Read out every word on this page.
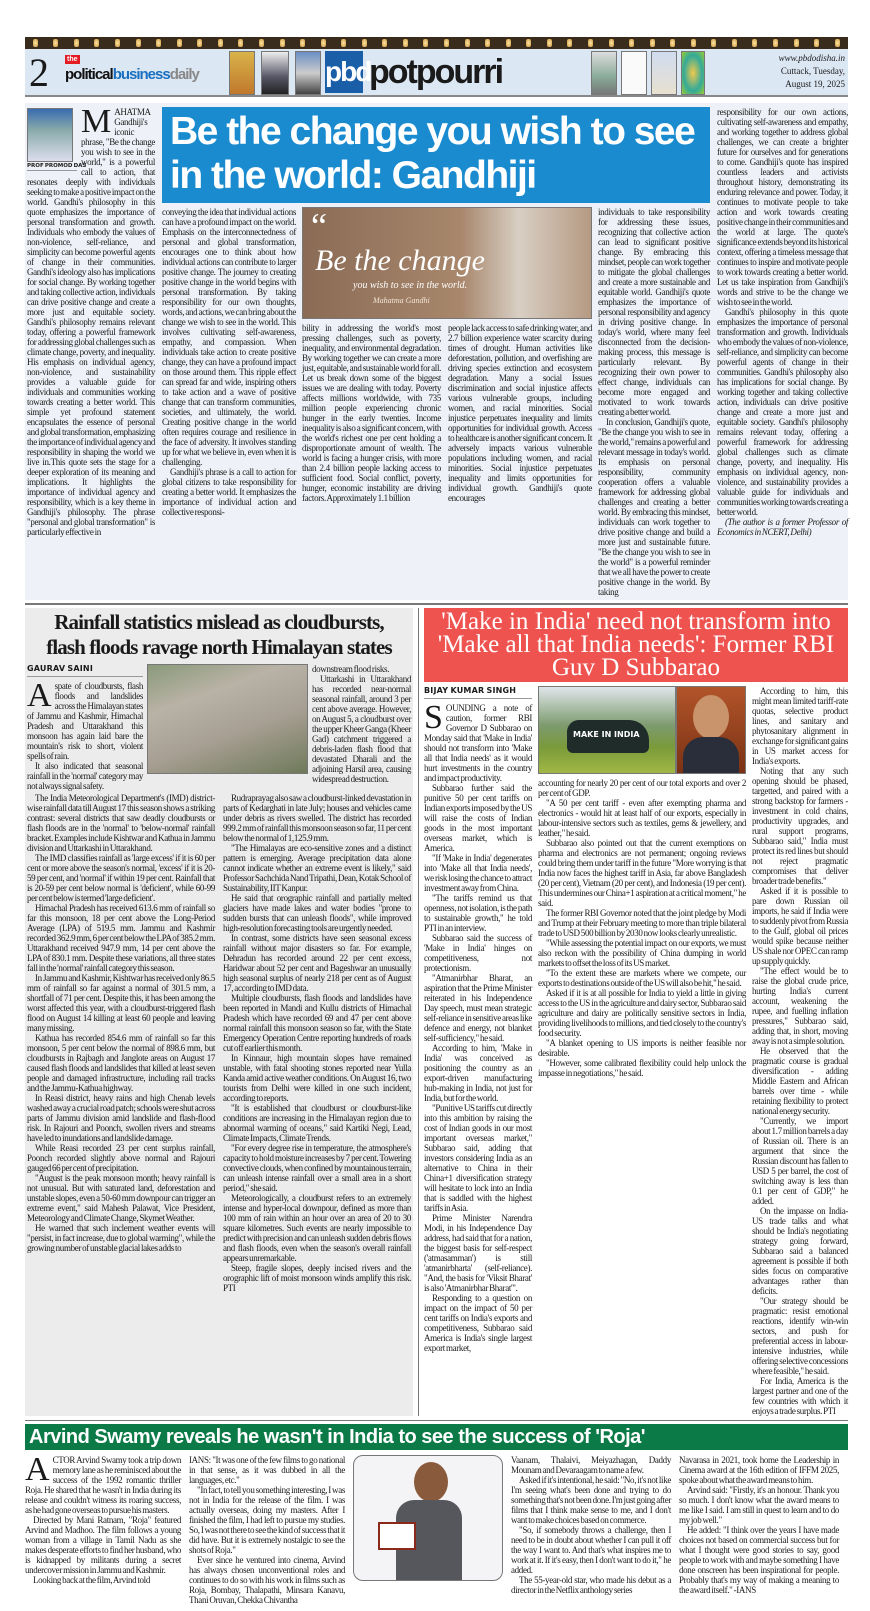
2	the
politicalbusinessdaily	pbd
potpourri	www.pbdodisha.in
Cuttack, Tuesday,
August 19, 2025
PROF PROMOD DAS

MAHATMA Gandhiji's iconic phrase, "Be the change you wish to see in the world," is a powerful call to action, that resonates deeply with individuals seeking to make a positive impact on the world. Gandhi's philosophy in this quote emphasizes the importance of personal transformation and growth. Individuals who embody the values of non-violence, self-reliance, and simplicity can become powerful agents of change in their communities. Gandhi's ideology also has implications for social change. By working together and taking collective action, individuals can drive positive change and create a more just and equitable society. Gandhi's philosophy remains relevant today, offering a powerful framework for addressing global challenges such as climate change, poverty, and inequality. His emphasis on individual agency, non-violence, and sustainability provides a valuable guide for individuals and communities working towards creating a better world. This simple yet profound statement encapsulates the essence of personal and global transformation, emphasizing the importance of individual agency and responsibility in shaping the world we live in.This quote sets the stage for a deeper exploration of its meaning and implications. It highlights the importance of individual agency and responsibility, which is a key theme in Gandhiji's philosophy. The phrase "personal and global transformation" is particularly effective in

Be the change you wish to see in the world: Gandhiji

conveying the idea that individual actions can have a profound impact on the world. Emphasis on the interconnectedness of personal and global transformation, encourages one to think about how individual actions can contribute to larger positive change. The journey to creating positive change in the world begins with personal transformation. By taking responsibility for our own thoughts, words, and actions, we can bring about the change we wish to see in the world. This involves cultivating self-awareness, empathy, and compassion. When individuals take action to create positive change, they can have a profound impact on those around them. This ripple effect can spread far and wide, inspiring others to take action and a wave of positive change that can transform communities, societies, and ultimately, the world. Creating positive change in the world often requires courage and resilience in the face of adversity. It involves standing up for what we believe in, even when it is challenging.

Gandhiji's phrase is a call to action for global citizens to take responsibility for creating a better world. It emphasizes the importance of individual action and collective responsi-

“
Be the change
you wish to see in the world.
Mahatma Gandhi

bility in addressing the world's most pressing challenges, such as poverty, inequality, and environmental degradation. By working together we can create a more just, equitable, and sustainable world for all. Let us break down some of the biggest issues we are dealing with today. Poverty affects millions worldwide, with 735 million people experiencing chronic hunger in the early twenties. Income inequality is also a significant concern, with the world's richest one per cent holding a disproportionate amount of wealth. The world is facing a hunger crisis, with more than 2.4 billion people lacking access to sufficient food. Social conflict, poverty, hunger, economic instability are driving factors. Approximately 1.1 billion

people lack access to safe drinking water, and 2.7 billion experience water scarcity during times of drought. Human activities like deforestation, pollution, and overfishing are driving species extinction and ecosystem degradation. Many a social Issues discrimination and social injustice affects various vulnerable groups, including women, and racial minorities. Social injustice perpetuates inequality and limits opportunities for individual growth. Access to healthcare is another significant concern. It adversely impacts various vulnerable populations including women, and racial minorities. Social injustice perpetuates inequality and limits opportunities for individual growth. Gandhiji's quote encourages

individuals to take responsibility for addressing these issues, recognizing that collective action can lead to significant positive change. By embracing this mindset, people can work together to mitigate the global challenges and create a more sustainable and equitable world. Gandhiji's quote emphasizes the importance of personal responsibility and agency in driving positive change. In today's world, where many feel disconnected from the decision-making process, this message is particularly relevant. By recognizing their own power to effect change, individuals can become more engaged and motivated to work towards creating a better world.

In conclusion, Gandhiji's quote, "Be the change you wish to see in the world," remains a powerful and relevant message in today's world. Its emphasis on personal responsibility, community cooperation offers a valuable framework for addressing global challenges and creating a better world. By embracing this mindset, individuals can work together to drive positive change and build a more just and sustainable future. "Be the change you wish to see in the world" is a powerful reminder that we all have the power to create positive change in the world. By taking

responsibility for our own actions, cultivating self-awareness and empathy, and working together to address global challenges, we can create a brighter future for ourselves and for generations to come. Gandhiji's quote has inspired countless leaders and activists throughout history, demonstrating its enduring relevance and power. Today, it continues to motivate people to take action and work towards creating positive change in their communities and the world at large. The quote's significance extends beyond its historical context, offering a timeless message that continues to inspire and motivate people to work towards creating a better world. Let us take inspiration from Gandhiji's words and strive to be the change we wish to see in the world.

Gandhi's philosophy in this quote emphasizes the importance of personal transformation and growth. Individuals who embody the values of non-violence, self-reliance, and simplicity can become powerful agents of change in their communities. Gandhi's philosophy also has implications for social change. By working together and taking collective action, individuals can drive positive change and create a more just and equitable society. Gandhi's philosophy remains relevant today, offering a powerful framework for addressing global challenges such as climate change, poverty, and inequality. His emphasis on individual agency, non-violence, and sustainability provides a valuable guide for individuals and communities working towards creating a better world.

(The author is a former Professor of Economics in NCERT, Delhi)

Rainfall statistics mislead as cloudbursts,
flash floods ravage north Himalayan states
GAURAV SAINI

Aspate of cloudbursts, flash floods and landslides across the Himalayan states of Jammu and Kashmir, Himachal Pradesh and Uttarakhand this monsoon has again laid bare the mountain's risk to short, violent spells of rain.

It also indicated that seasonal rainfall in the 'normal' category may not always signal safety.

downstream flood risks.

Uttarkashi in Uttarakhand has recorded near-normal seasonal rainfall, around 3 per cent above average. However, on August 5, a cloudburst over the upper Kheer Ganga (Kheer Gad) catchment triggered a debris-laden flash flood that devastated Dharali and the adjoining Harsil area, causing widespread destruction.

The India Meteorological Department's (IMD) district-wise rainfall data till August 17 this season shows a striking contrast: several districts that saw deadly cloudbursts or flash floods are in the 'normal' to 'below-normal' rainfall bracket. Examples include Kishtwar and Kathua in Jammu division and Uttarkashi in Uttarakhand.

The IMD classifies rainfall as 'large excess' if it is 60 per cent or more above the season's normal, 'excess' if it is 20-59 per cent, and 'normal' if within 19 per cent. Rainfall that is 20-59 per cent below normal is 'deficient', while 60-99 per cent below is termed 'large deficient'.

Himachal Pradesh has received 613.6 mm of rainfall so far this monsoon, 18 per cent above the Long-Period Average (LPA) of 519.5 mm. Jammu and Kashmir recorded 362.9 mm, 6 per cent below the LPA of 385.2 mm. Uttarakhand received 947.9 mm, 14 per cent above the LPA of 830.1 mm. Despite these variations, all three states fall in the 'normal' rainfall category this season.

In Jammu and Kashmir, Kishtwar has received only 86.5 mm of rainfall so far against a normal of 301.5 mm, a shortfall of 71 per cent. Despite this, it has been among the worst affected this year, with a cloudburst-triggered flash flood on August 14 killing at least 60 people and leaving many missing.

Kathua has recorded 854.6 mm of rainfall so far this monsoon, 5 per cent below the normal of 898.6 mm, but cloudbursts in Rajbagh and Janglote areas on August 17 caused flash floods and landslides that killed at least seven people and damaged infrastructure, including rail tracks and the Jammu-Kathua highway.

In Reasi district, heavy rains and high Chenab levels washed away a crucial road patch; schools were shut across parts of Jammu division amid landslide and flash-flood risk. In Rajouri and Poonch, swollen rivers and streams have led to inundations and landslide damage.

While Reasi recorded 23 per cent surplus rainfall, Poonch recorded slightly above normal and Rajouri gauged 66 per cent of precipitation.

"August is the peak monsoon month; heavy rainfall is not unusual. But with saturated land, deforestation and unstable slopes, even a 50-60 mm downpour can trigger an extreme event," said Mahesh Palawat, Vice President, Meteorology and Climate Change, Skymet Weather.

He warned that such inclement weather events will "persist, in fact increase, due to global warming", while the growing number of unstable glacial lakes adds to

Rudraprayag also saw a cloudburst-linked devastation in parts of Kedarghati in late July; houses and vehicles came under debris as rivers swelled. The district has recorded 999.2 mm of rainfall this monsoon season so far, 11 per cent below the normal of 1,125.9 mm.

"The Himalayas are eco-sensitive zones and a distinct pattern is emerging. Average precipitation data alone cannot indicate whether an extreme event is likely," said Professor Sachchida Nand Tripathi, Dean, Kotak School of Sustainability, IIT Kanpur.

He said that orographic rainfall and partially melted glaciers have made lakes and water bodies "prone to sudden bursts that can unleash floods", while improved high-resolution forecasting tools are urgently needed.

In contrast, some districts have seen seasonal excess rainfall without major disasters so far. For example, Dehradun has recorded around 22 per cent excess, Haridwar about 52 per cent and Bageshwar an unusually high seasonal surplus of nearly 218 per cent as of August 17, according to IMD data.

Multiple cloudbursts, flash floods and landslides have been reported in Mandi and Kullu districts of Himachal Pradesh which have recorded 69 and 47 per cent above normal rainfall this monsoon season so far, with the State Emergency Operation Centre reporting hundreds of roads cut off earlier this month.

In Kinnaur, high mountain slopes have remained unstable, with fatal shooting stones reported near Yulla Kanda amid active weather conditions. On August 16, two tourists from Delhi were killed in one such incident, according to reports.

"It is established that cloudburst or cloudburst-like conditions are increasing in the Himalayan region due to abnormal warming of oceans," said Kartiki Negi, Lead, Climate Impacts, Climate Trends.

"For every degree rise in temperature, the atmosphere's capacity to hold moisture increases by 7 per cent. Towering convective clouds, when confined by mountainous terrain, can unleash intense rainfall over a small area in a short period," she said.

Meteorologically, a cloudburst refers to an extremely intense and hyper-local downpour, defined as more than 100 mm of rain within an hour over an area of 20 to 30 square kilometres. Such events are nearly impossible to predict with precision and can unleash sudden debris flows and flash floods, even when the season's overall rainfall appears unremarkable.

Steep, fragile slopes, deeply incised rivers and the orographic lift of moist monsoon winds amplify this risk. PTI

'Make in India' need not transform into 'Make all that India needs': Former RBI Guv D Subbarao
BIJAY KUMAR SINGH

SOUNDING a note of caution, former RBI Governor D Subbarao on Monday said that 'Make in India' should not transform into 'Make all that India needs' as it would hurt investments in the country and impact productivity.

Subbarao further said the punitive 50 per cent tariffs on Indian exports imposed by the US will raise the costs of Indian goods in the most important overseas market, which is America.

"If 'Make in India' degenerates into 'Make all that India needs', we risk losing the chance to attract investment away from China.

"The tariffs remind us that openness, not isolation, is the path to sustainable growth," he told PTI in an interview.

Subbarao said the success of 'Make in India' hinges on competitiveness, not protectionism.

"Atmanirbhar Bharat, an aspiration that the Prime Minister reiterated in his Independence Day speech, must mean strategic self-reliance in sensitive areas like defence and energy, not blanket self-sufficiency," he said.

According to him, 'Make in India' was conceived as positioning the country as an export-driven manufacturing hub-making in India, not just for India, but for the world.

"Punitive US tariffs cut directly into this ambition by raising the cost of Indian goods in our most important overseas market," Subbarao said, adding that investors considering India as an alternative to China in their China+1 diversification strategy will hesitate to lock into an India that is saddled with the highest tariffs in Asia.

Prime Minister Narendra Modi, in his Independence Day address, had said that for a nation, the biggest basis for self-respect ('atmasamman') is still 'atmanirbharta' (self-reliance). "And, the basis for 'Viksit Bharat' is also 'Atmanirbhar Bharat'".

Responding to a question on impact on the impact of 50 per cent tariffs on India's exports and competitiveness, Subbarao said America is India's single largest export market,

MAKE IN INDIA

accounting for nearly 20 per cent of our total exports and over 2 per cent of GDP.

"A 50 per cent tariff - even after exempting pharma and electronics - would hit at least half of our exports, especially in labour-intensive sectors such as textiles, gems & jewellery, and leather," he said.

Subbarao also pointed out that the current exemptions on pharma and electronics are not permanent; ongoing reviews could bring them under tariff in the future "More worrying is that India now faces the highest tariff in Asia, far above Bangladesh (20 per cent), Vietnam (20 per cent), and Indonesia (19 per cent). This undermines our China+1 aspiration at a critical moment," he said.

The former RBI Governor noted that the joint pledge by Modi and Trump at their February meeting to more than triple bilateral trade to USD 500 billion by 2030 now looks clearly unrealistic.

"While assessing the potential impact on our exports, we must also reckon with the possibility of China dumping in world markets to offset the loss of its US market.

"To the extent these are markets where we compete, our exports to destinations outside of the US will also be hit," he said.

Asked if it is at all possible for India to yield a little in giving access to the US in the agriculture and dairy sector, Subbarao said agriculture and dairy are politically sensitive sectors in India, providing livelihoods to millions, and tied closely to the country's food security.

"A blanket opening to US imports is neither feasible nor desirable.

"However, some calibrated flexibility could help unlock the impasse in negotiations," he said.

According to him, this might mean limited tariff-rate quotas, selective product lines, and sanitary and phytosanitary alignment in exchange for significant gains in US market access for India's exports.

Noting that any such opening should be phased, targetted, and paired with a strong backstop for farmers - investment in cold chains, productivity upgrades, and rural support programs, Subbarao said," India must protect its red lines but should not reject pragmatic compromises that deliver broader trade benefits."

Asked if it is possible to pare down Russian oil imports, he said if India were to suddenly pivot from Russia to the Gulf, global oil prices would spike because neither US shale nor OPEC can ramp up supply quickly.

"The effect would be to raise the global crude price, hurting India's current account, weakening the rupee, and fuelling inflation pressures," Subbarao said, adding that, in short, moving away is not a simple solution.

He observed that the pragmatic course is gradual diversification - adding Middle Eastern and African barrels over time - while retaining flexibility to protect national energy security.

"Currently, we import about 1.7 million barrels a day of Russian oil. There is an argument that since the Russian discount has fallen to USD 5 per barrel, the cost of switching away is less than 0.1 per cent of GDP," he added.

On the impasse on India-US trade talks and what should be India's negotiating strategy going forward, Subbarao said a balanced agreement is possible if both sides focus on comparative advantages rather than deficits.

"Our strategy should be pragmatic: resist emotional reactions, identify win-win sectors, and push for preferential access in labour-intensive industries, while offering selective concessions where feasible," he said.

For India, America is the largest partner and one of the few countries with which it enjoys a trade surplus. PTI

Arvind Swamy reveals he wasn't in India to see the success of 'Roja'

ACTOR Arvind Swamy took a trip down memory lane as he reminisced about the success of the 1992 romantic thriller Roja. He shared that he wasn't in India during its release and couldn't witness its roaring success, as he had gone overseas to pursue his masters.

Directed by Mani Ratnam, "Roja" featured Arvind and Madhoo. The film follows a young woman from a village in Tamil Nadu as she makes desperate efforts to find her husband, who is kidnapped by militants during a secret undercover mission in Jammu and Kashmir.

Looking back at the film, Arvind told

IANS: "It was one of the few films to go national in that sense, as it was dubbed in all the languages, etc."

"In fact, to tell you something interesting, I was not in India for the release of the film. I was actually overseas, doing my masters. After I finished the film, I had left to pursue my studies. So, I was not there to see the kind of success that it did have. But it is extremely nostalgic to see the shots of Roja."

Ever since he ventured into cinema, Arvind has always chosen unconventional roles and continues to do so with his work in films such as Roja, Bombay, Thalapathi, Minsara Kanavu, Thani Oruvan, Chekka Chivantha

Vaanam, Thalaivi, Meiyazhagan, Daddy Mounam and Devaraagam to name a few.

Asked if it's intentional, he said: "No, it's not like I'm seeing what's been done and trying to do something that's not been done. I'm just going after films that I think make sense to me, and I don't want to make choices based on commerce.

"So, if somebody throws a challenge, then I need to be in doubt about whether I can pull it off the way I want to. And that's what inspires me to work at it. If it's easy, then I don't want to do it," he added.

The 55-year-old star, who made his debut as a director in the Netflix anthology series

Navarasa in 2021, took home the Leadership in Cinema award at the 16th edition of IFFM 2025, spoke about what the award means to him.

Arvind said: "Firstly, it's an honour. Thank you so much. I don't know what the award means to me like I said. I am still in quest to learn and to do my job well."

He added: "I think over the years I have made choices not based on commercial success but for what I thought were good stories to say, good people to work with and maybe something I have done onscreen has been inspirational for people. Probably that's my way of making a meaning to the award itself." -IANS
